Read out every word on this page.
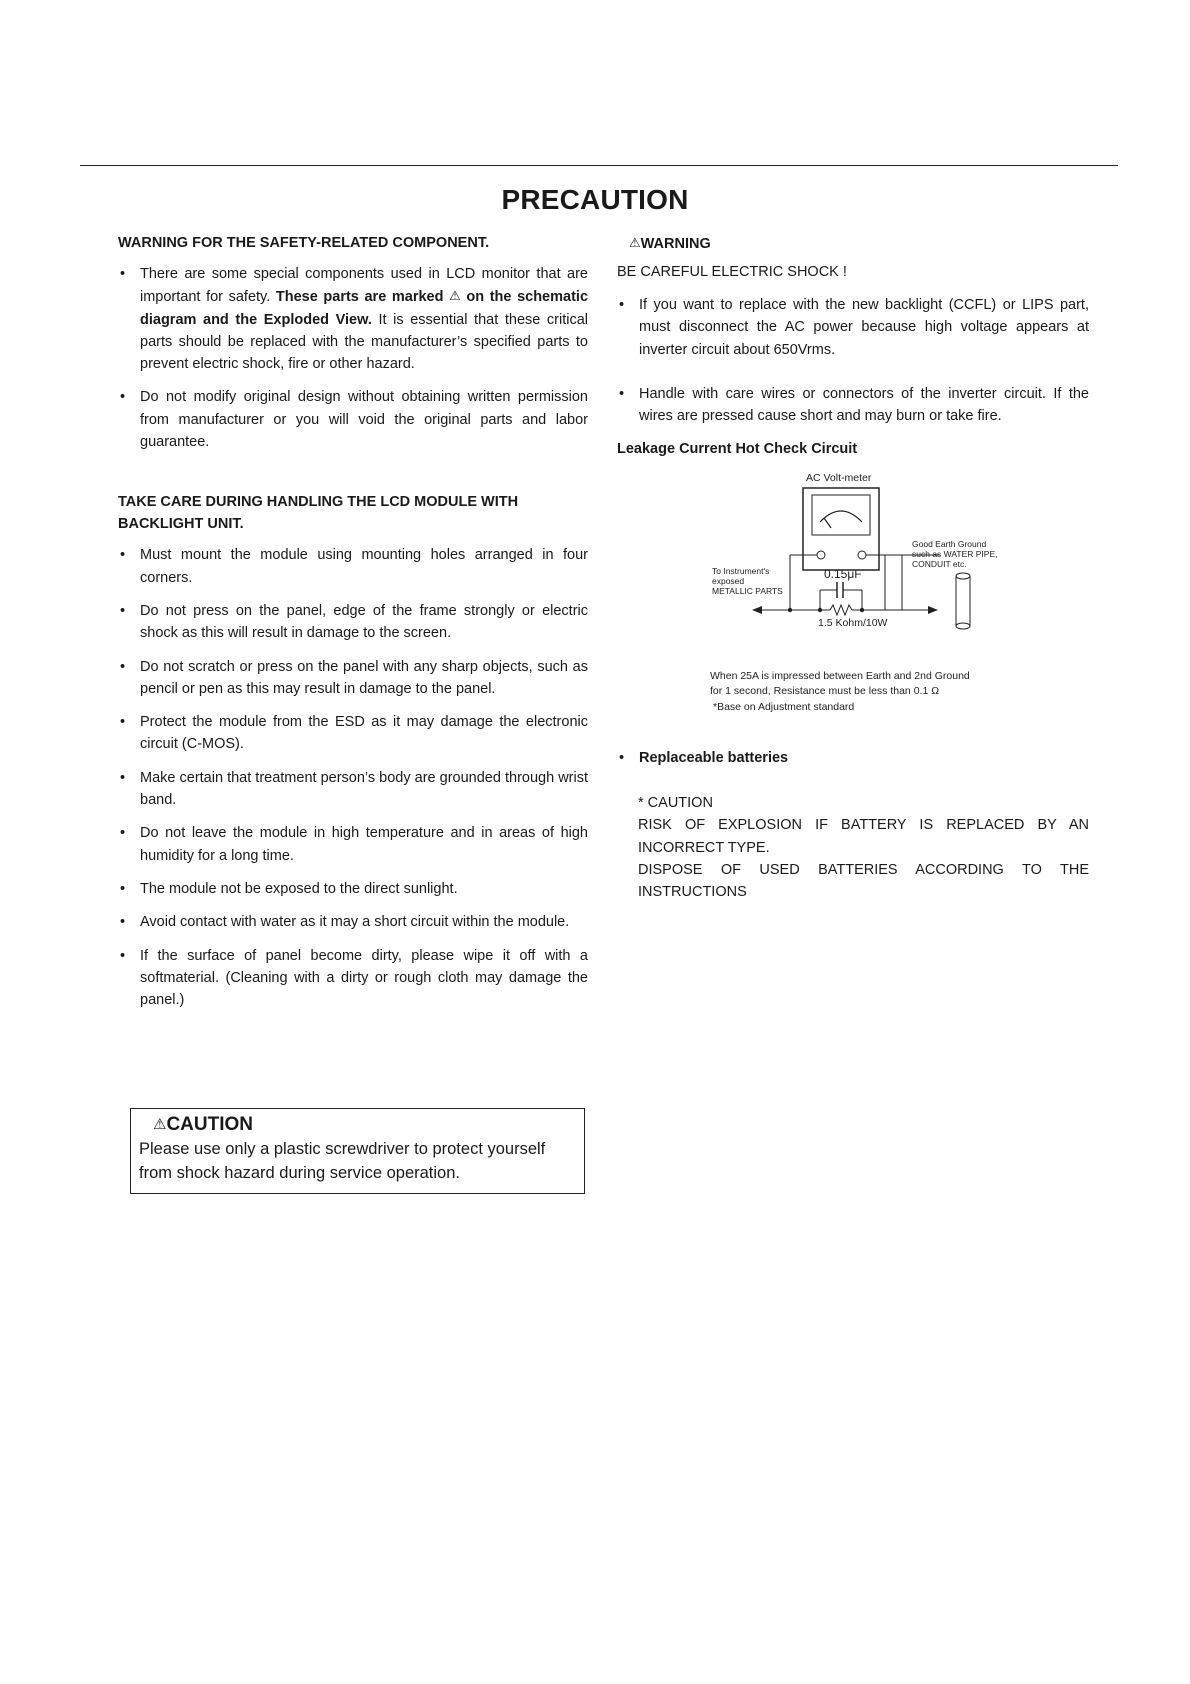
PRECAUTION

WARNING FOR THE SAFETY-RELATED COMPONENT.

• There are some special components used in LCD monitor that are important for safety. These parts are marked ⚠ on the schematic diagram and the Exploded View. It is essential that these critical parts should be replaced with the manufacturer’s specified parts to prevent electric shock, fire or other hazard.
• Do not modify original design without obtaining written permission from manufacturer or you will void the original parts and labor guarantee.

TAKE CARE DURING HANDLING THE LCD MODULE WITH BACKLIGHT UNIT.

• Must mount the module using mounting holes arranged in four corners.
• Do not press on the panel, edge of the frame strongly or electric shock as this will result in damage to the screen.
• Do not scratch or press on the panel with any sharp objects, such as pencil or pen as this may result in damage to the panel.
• Protect the module from the ESD as it may damage the electronic circuit (C-MOS).
• Make certain that treatment person’s body are grounded through wrist band.
• Do not leave the module in high temperature and in areas of high humidity for a long time.
• The module not be exposed to the direct sunlight.
• Avoid contact with water as it may a short circuit within the module.
• If the surface of panel become dirty, please wipe it off with a softmaterial. (Cleaning with a dirty or rough cloth may damage the panel.)
⚠CAUTION
Please use only a plastic screwdriver to protect yourself from shock hazard during service operation.

⚠WARNING

BE CAREFUL ELECTRIC SHOCK !

• If you want to replace with the new backlight (CCFL) or LIPS part, must disconnect the AC power because high voltage appears at inverter circuit about 650Vrms.
• Handle with care wires or connectors of the inverter circuit. If the wires are pressed cause short and may burn or take fire.

Leakage Current Hot Check Circuit

• Replaceable batteries
* CAUTION
RISK OF EXPLOSION IF BATTERY IS REPLACED BY AN INCORRECT TYPE.
DISPOSE OF USED BATTERIES ACCORDING TO THE INSTRUCTIONS
AC Volt-meter
0.15μF
1.5 Kohm/10W
Good Earth Ground
such as WATER PIPE,
CONDUIT etc.
To Instrument's
exposed
METALLIC PARTS
When 25A is impressed between Earth and 2nd Ground
for 1 second, Resistance must be less than 0.1 Ω
*Base on Adjustment standard
